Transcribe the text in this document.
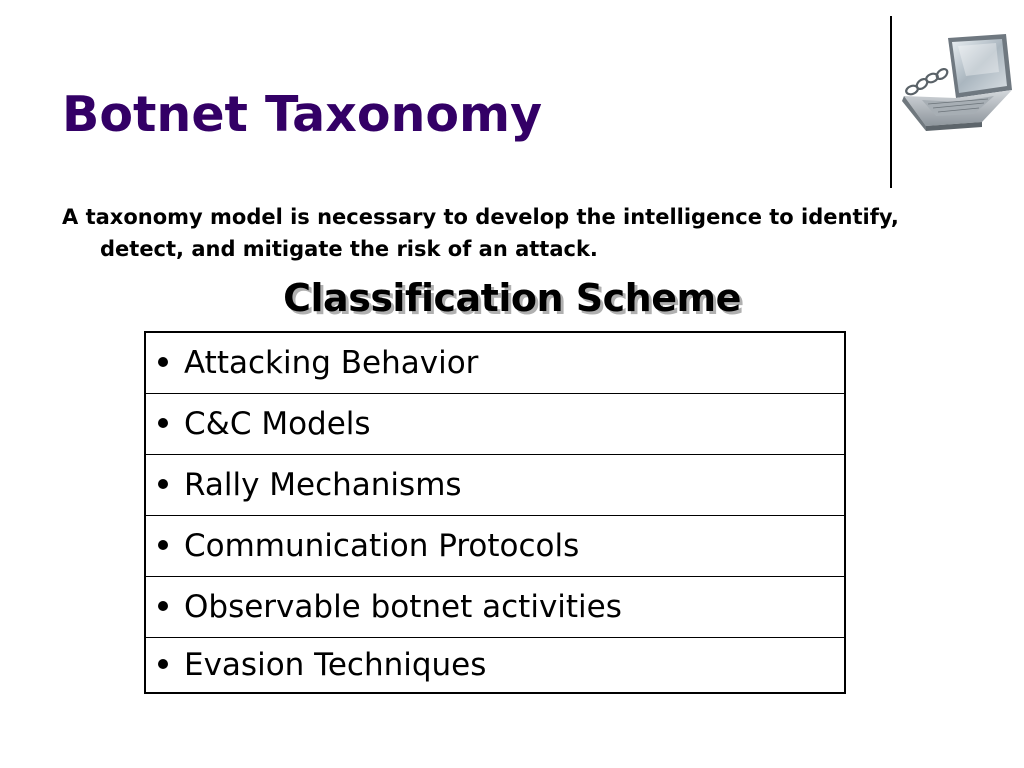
Botnet Taxonomy

A taxonomy model is necessary to develop the intelligence to identify, detect, and mitigate the risk of an attack.

Classification Scheme
Attacking Behavior
C&C Models
Rally Mechanisms
Communication Protocols
Observable botnet activities
Evasion Techniques
